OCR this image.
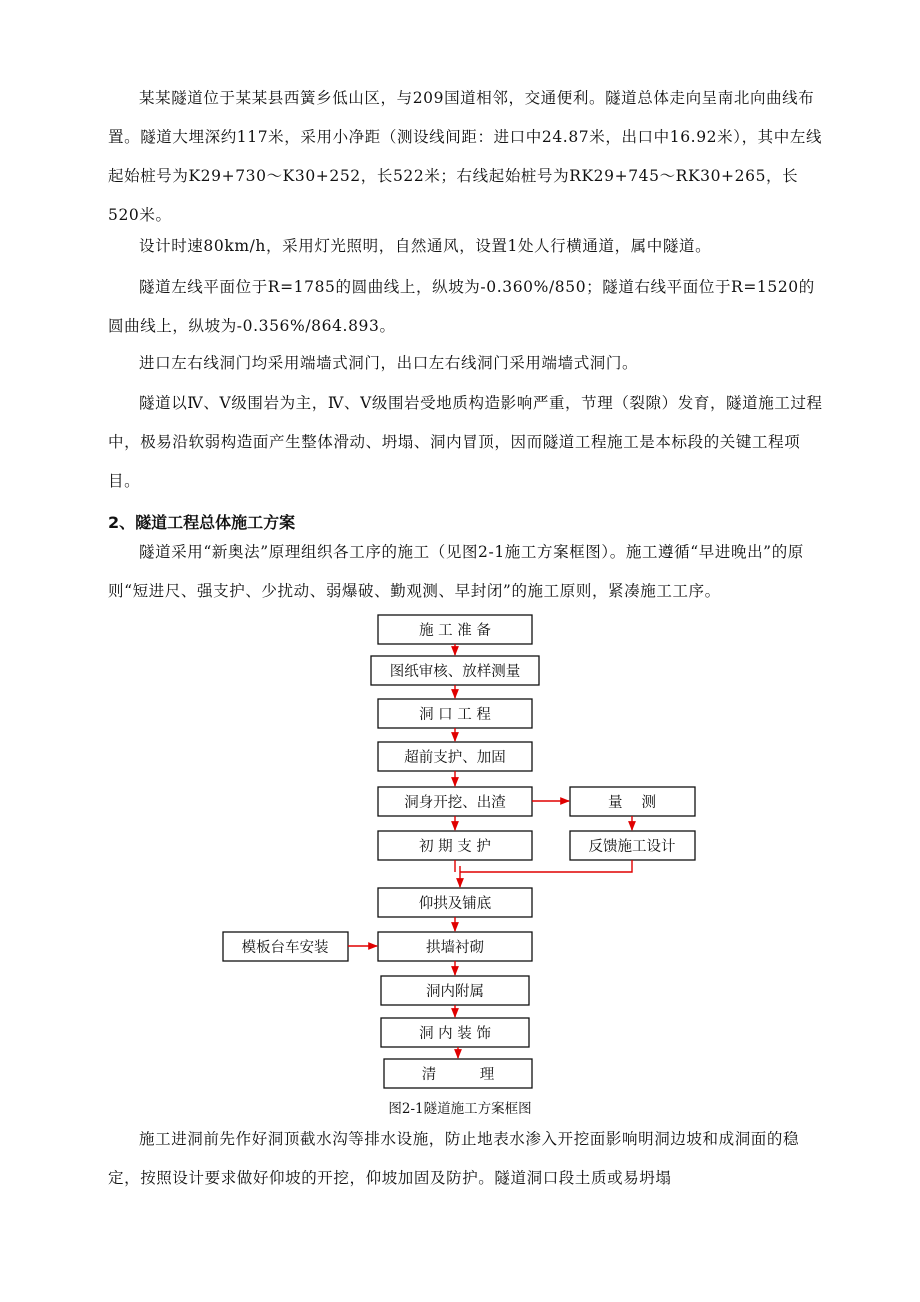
某某隧道位于某某县西簧乡低山区，与209国道相邻，交通便利。隧道总体走向呈南北向曲线布置。隧道大埋深约117米，采用小净距（测设线间距：进口中24.87米，出口中16.92米），其中左线起始桩号为K29+730～K30+252，长522米；右线起始桩号为RK29+745～RK30+265，长520米。

设计时速80km/h，采用灯光照明，自然通风，设置1处人行横通道，属中隧道。

隧道左线平面位于R=1785的圆曲线上，纵坡为-0.360%/850；隧道右线平面位于R=1520的圆曲线上，纵坡为-0.356%/864.893。

进口左右线洞门均采用端墙式洞门，出口左右线洞门采用端墙式洞门。

隧道以Ⅳ、Ⅴ级围岩为主，Ⅳ、Ⅴ级围岩受地质构造影响严重，节理（裂隙）发育，隧道施工过程中，极易沿软弱构造面产生整体滑动、坍塌、洞内冒顶，因而隧道工程施工是本标段的关键工程项目。

2、隧道工程总体施工方案

隧道采用“新奥法”原理组织各工序的施工（见图2-1施工方案框图）。施工遵循“早进晚出”的原则“短进尺、强支护、少扰动、弱爆破、勤观测、早封闭”的施工原则，紧凑施工工序。

施 工 准 备
图纸审核、放样测量
洞 口 工 程
超前支护、加固
洞身开挖、出渣
初 期 支 护
量　 测
反馈施工设计
仰拱及铺底
模板台车安装	拱墙衬砌
洞内附属
洞 内 装 饰
清　　　理
图2-1隧道施工方案框图

施工进洞前先作好洞顶截水沟等排水设施，防止地表水渗入开挖面影响明洞边坡和成洞面的稳定，按照设计要求做好仰坡的开挖，仰坡加固及防护。隧道洞口段土质或易坍塌
